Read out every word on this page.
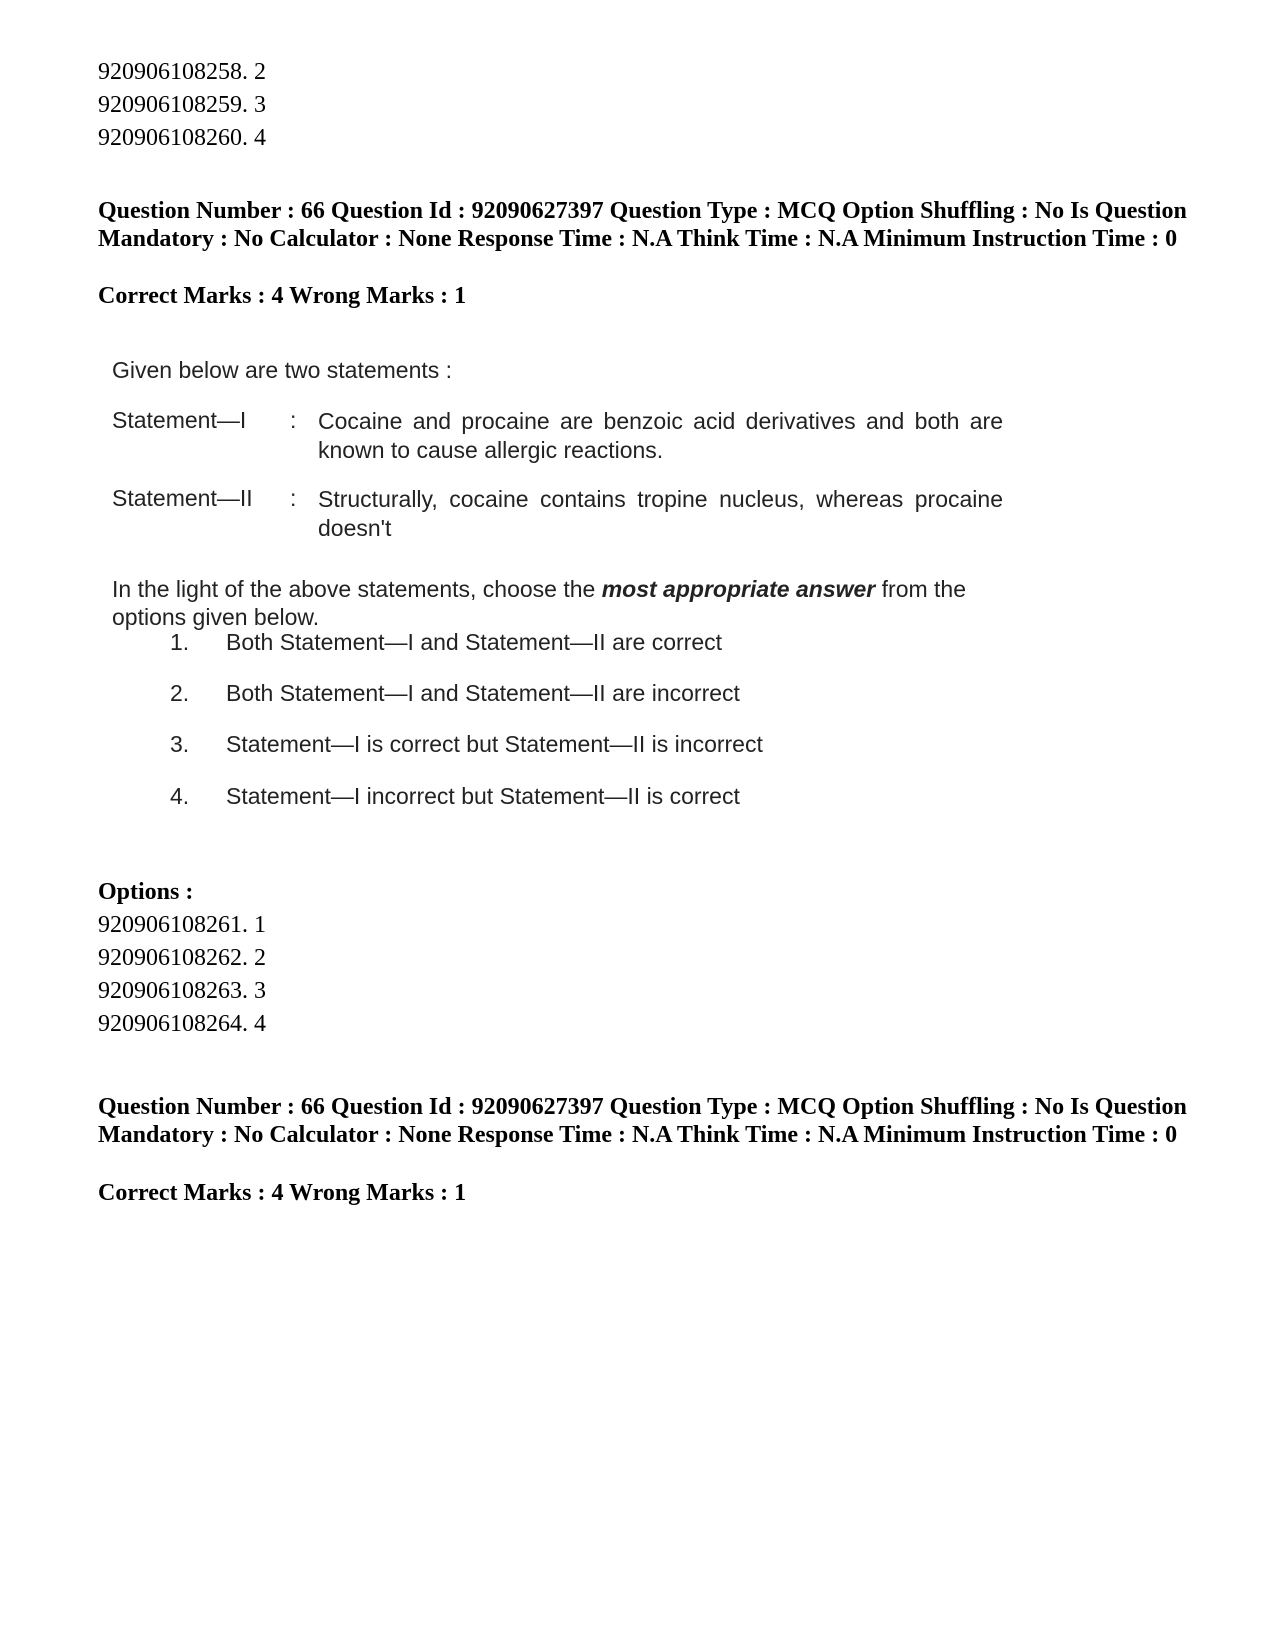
920906108258. 2
920906108259. 3
920906108260. 4
Question Number : 66 Question Id : 92090627397 Question Type : MCQ Option Shuffling : No Is Question Mandatory : No Calculator : None Response Time : N.A Think Time : N.A Minimum Instruction Time : 0
Correct Marks : 4 Wrong Marks : 1
Given below are two statements :
Statement—I	: Cocaine and procaine are benzoic acid derivatives and both are known to cause allergic reactions.
Statement—II	: Structurally, cocaine contains tropine nucleus, whereas procaine doesn't
In the light of the above statements, choose the most appropriate answer from the options given below.
1. Both Statement—I and Statement—II are correct
2. Both Statement—I and Statement—II are incorrect
3. Statement—I is correct but Statement—II is incorrect
4. Statement—I incorrect but Statement—II is correct
Options :
920906108261. 1
920906108262. 2
920906108263. 3
920906108264. 4
Question Number : 66 Question Id : 92090627397 Question Type : MCQ Option Shuffling : No Is Question Mandatory : No Calculator : None Response Time : N.A Think Time : N.A Minimum Instruction Time : 0
Correct Marks : 4 Wrong Marks : 1
